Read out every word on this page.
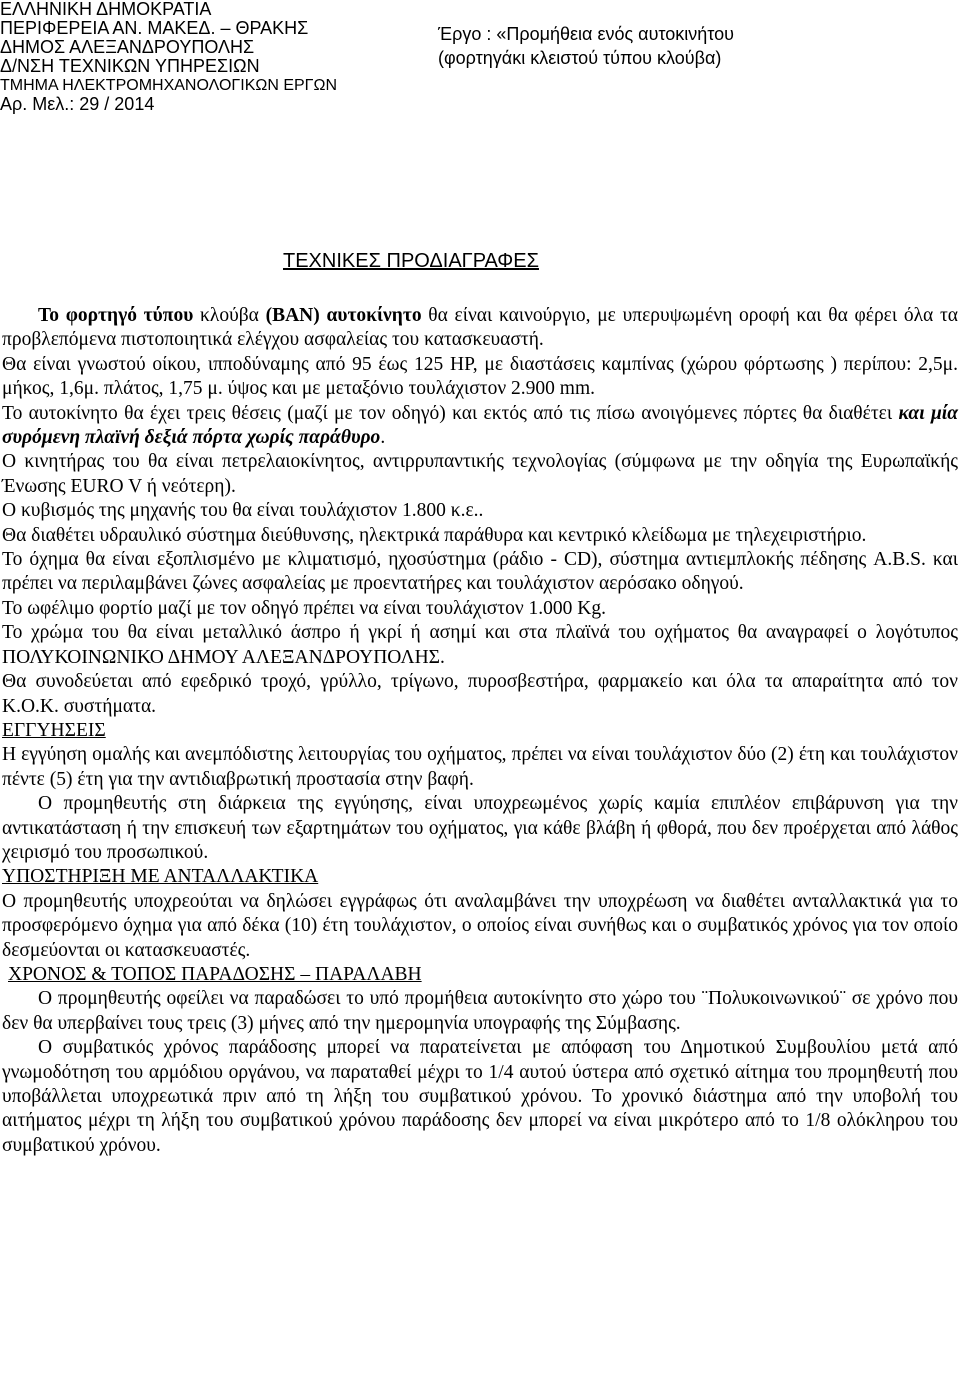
ΕΛΛΗΝΙΚΗ ΔΗΜΟΚΡΑΤΙΑ
ΠΕΡΙΦΕΡΕΙΑ ΑΝ. ΜΑΚΕΔ. – ΘΡΑΚΗΣ
ΔΗΜΟΣ ΑΛΕΞΑΝΔΡΟΥΠΟΛΗΣ
Δ/ΝΣΗ ΤΕΧΝΙΚΩΝ ΥΠΗΡΕΣΙΩΝ
ΤΜΗΜΑ ΗΛΕΚΤΡΟΜΗΧΑΝΟΛΟΓΙΚΩΝ ΕΡΓΩΝ
Αρ. Μελ.: 29 / 2014
Έργο : «Προμήθεια ενός αυτοκινήτου
(φορτηγάκι κλειστού τύπου κλούβα)
ΤΕΧΝΙΚΕΣ ΠΡΟΔΙΑΓΡΑΦΕΣ

Το φορτηγό τύπου κλούβα (ΒΑΝ) αυτοκίνητο θα είναι καινούργιο, με υπερυψωμένη οροφή και θα φέρει όλα τα προβλεπόμενα πιστοποιητικά ελέγχου ασφαλείας του κατασκευαστή.

Θα είναι γνωστού οίκου, ιπποδύναμης από 95 έως 125 HP, με διαστάσεις καμπίνας (χώρου φόρτωσης ) περίπου: 2,5μ. μήκος, 1,6μ. πλάτος, 1,75 μ. ύψος και με μεταξόνιο τουλάχιστον 2.900 mm.

Το αυτοκίνητο θα έχει τρεις θέσεις (μαζί με τον οδηγό) και εκτός από τις πίσω ανοιγόμενες πόρτες θα διαθέτει και μία συρόμενη πλαϊνή δεξιά πόρτα χωρίς παράθυρο.

Ο κινητήρας του θα είναι πετρελαιοκίνητος, αντιρρυπαντικής τεχνολογίας (σύμφωνα με την οδηγία της Ευρωπαϊκής Ένωσης EURO V ή νεότερη).

Ο κυβισμός της μηχανής του θα είναι τουλάχιστον 1.800 κ.ε..

Θα διαθέτει υδραυλικό σύστημα διεύθυνσης, ηλεκτρικά παράθυρα και κεντρικό κλείδωμα με τηλεχειριστήριο.

Το όχημα θα είναι εξοπλισμένο με κλιματισμό, ηχοσύστημα (ράδιο - CD), σύστημα αντιεμπλοκής πέδησης A.B.S. και πρέπει να περιλαμβάνει ζώνες ασφαλείας με προεντατήρες και τουλάχιστον αερόσακο οδηγού.

Το ωφέλιμο φορτίο μαζί με τον οδηγό πρέπει να είναι τουλάχιστον 1.000 Kg.

Το χρώμα του θα είναι μεταλλικό άσπρο ή γκρί ή ασημί και στα πλαϊνά του οχήματος θα αναγραφεί ο λογότυπος ΠΟΛΥΚΟΙΝΩΝΙΚΟ ΔΗΜΟΥ ΑΛΕΞΑΝΔΡΟΥΠΟΛΗΣ.

Θα συνοδεύεται από εφεδρικό τροχό, γρύλλο, τρίγωνο, πυροσβεστήρα, φαρμακείο και όλα τα απαραίτητα από τον Κ.Ο.Κ. συστήματα.

ΕΓΓΥΗΣΕΙΣ

Η εγγύηση ομαλής και ανεμπόδιστης λειτουργίας του οχήματος, πρέπει να είναι τουλάχιστον δύο (2) έτη και τουλάχιστον πέντε (5) έτη για την αντιδιαβρωτική προστασία στην βαφή.

Ο προμηθευτής στη διάρκεια της εγγύησης, είναι υποχρεωμένος χωρίς καμία επιπλέον επιβάρυνση για την αντικατάσταση ή την επισκευή των εξαρτημάτων του οχήματος, για κάθε βλάβη ή φθορά, που δεν προέρχεται από λάθος χειρισμό του προσωπικού.

ΥΠΟΣΤΗΡΙΞΗ ΜΕ ΑΝΤΑΛΛΑΚΤΙΚΑ

Ο προμηθευτής υποχρεούται να δηλώσει εγγράφως ότι αναλαμβάνει την υποχρέωση να διαθέτει ανταλλακτικά για το προσφερόμενο όχημα για από δέκα (10) έτη τουλάχιστον, ο οποίος είναι συνήθως και ο συμβατικός χρόνος για τον οποίο δεσμεύονται οι κατασκευαστές.

ΧΡΟΝΟΣ & ΤΟΠΟΣ ΠΑΡΑΔΟΣΗΣ – ΠΑΡΑΛΑΒΗ

Ο προμηθευτής οφείλει να παραδώσει το υπό προμήθεια αυτοκίνητο στο χώρο του ¨Πολυκοινωνικού¨ σε χρόνο που δεν θα υπερβαίνει τους τρεις (3) μήνες από την ημερομηνία υπογραφής της Σύμβασης.

Ο συμβατικός χρόνος παράδοσης μπορεί να παρατείνεται με απόφαση του Δημοτικού Συμβουλίου μετά από γνωμοδότηση του αρμόδιου οργάνου, να παραταθεί μέχρι το 1/4 αυτού ύστερα από σχετικό αίτημα του προμηθευτή που υποβάλλεται υποχρεωτικά πριν από τη λήξη του συμβατικού χρόνου. Το χρονικό διάστημα από την υποβολή του αιτήματος μέχρι τη λήξη του συμβατικού χρόνου παράδοσης δεν μπορεί να είναι μικρότερο από το 1/8 ολόκληρου του συμβατικού χρόνου.
